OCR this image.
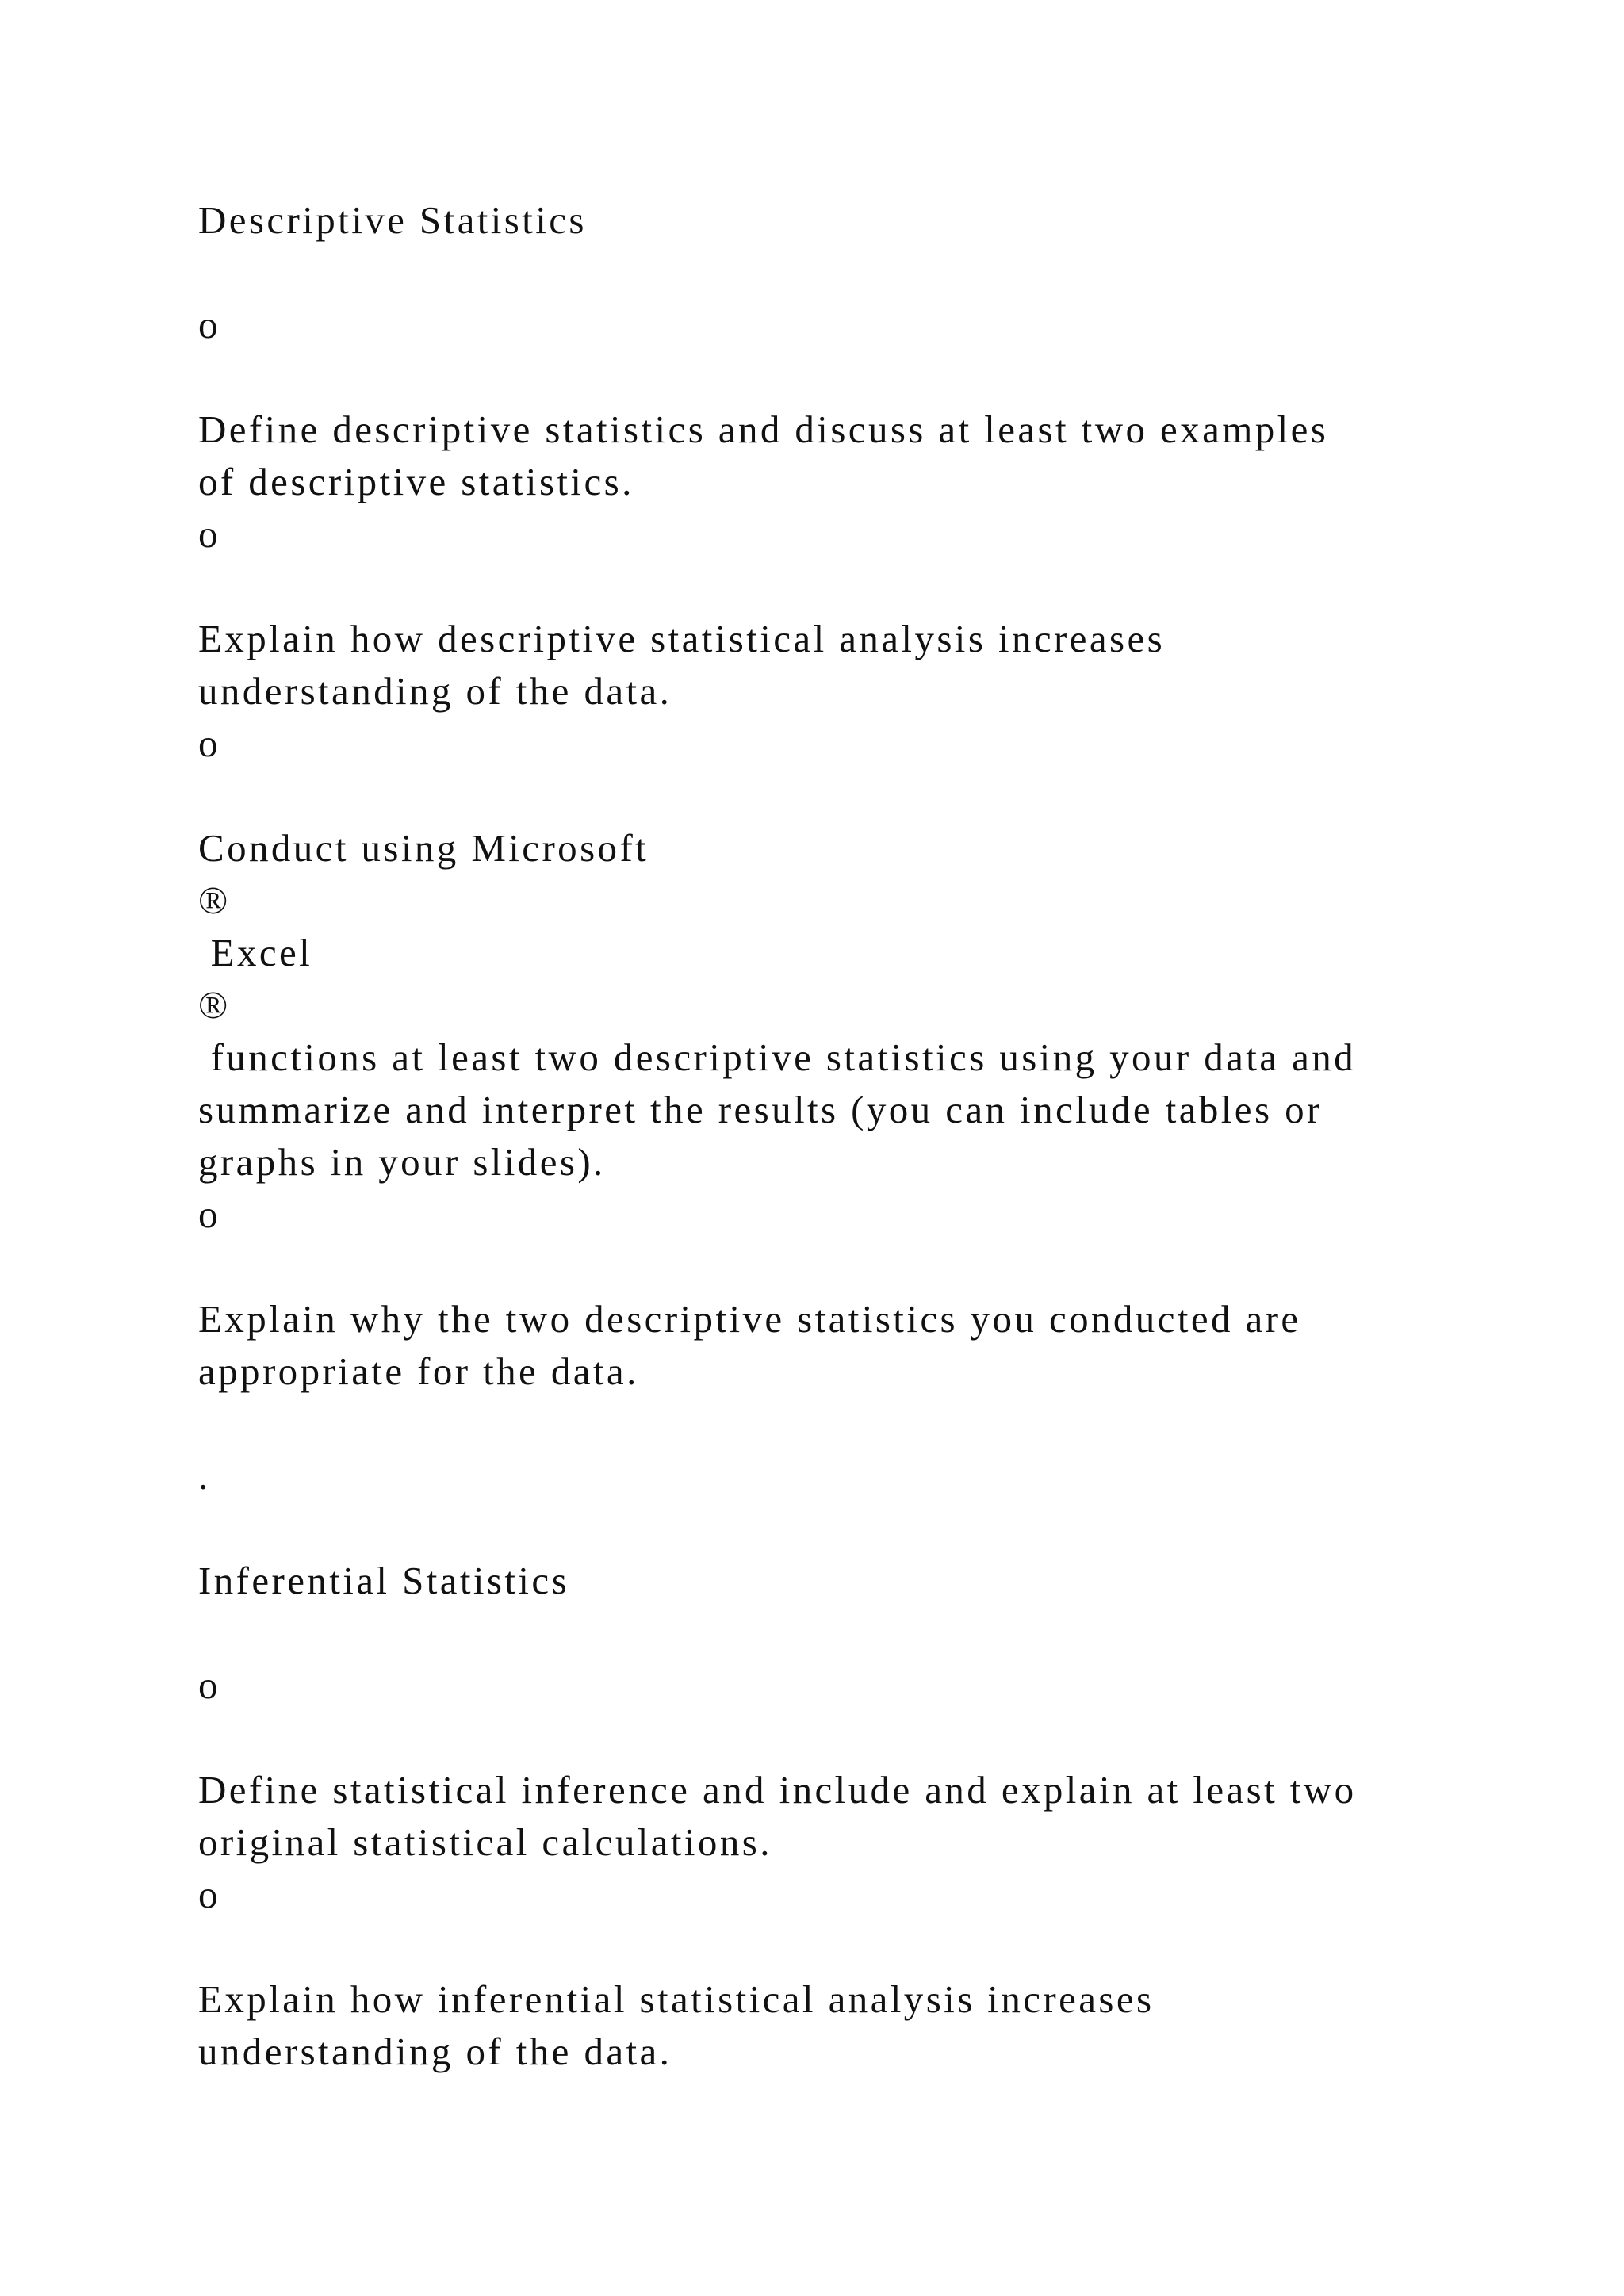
Descriptive Statistics
o
Define descriptive statistics and discuss at least two examples
of descriptive statistics.
o
Explain how descriptive statistical analysis increases
understanding of the data.
o
Conduct using Microsoft
®
Excel
®
functions at least two descriptive statistics using your data and
summarize and interpret the results (you can include tables or
graphs in your slides).
o
Explain why the two descriptive statistics you conducted are
appropriate for the data.
.
Inferential Statistics
o
Define statistical inference and include and explain at least two
original statistical calculations.
o
Explain how inferential statistical analysis increases
understanding of the data.
